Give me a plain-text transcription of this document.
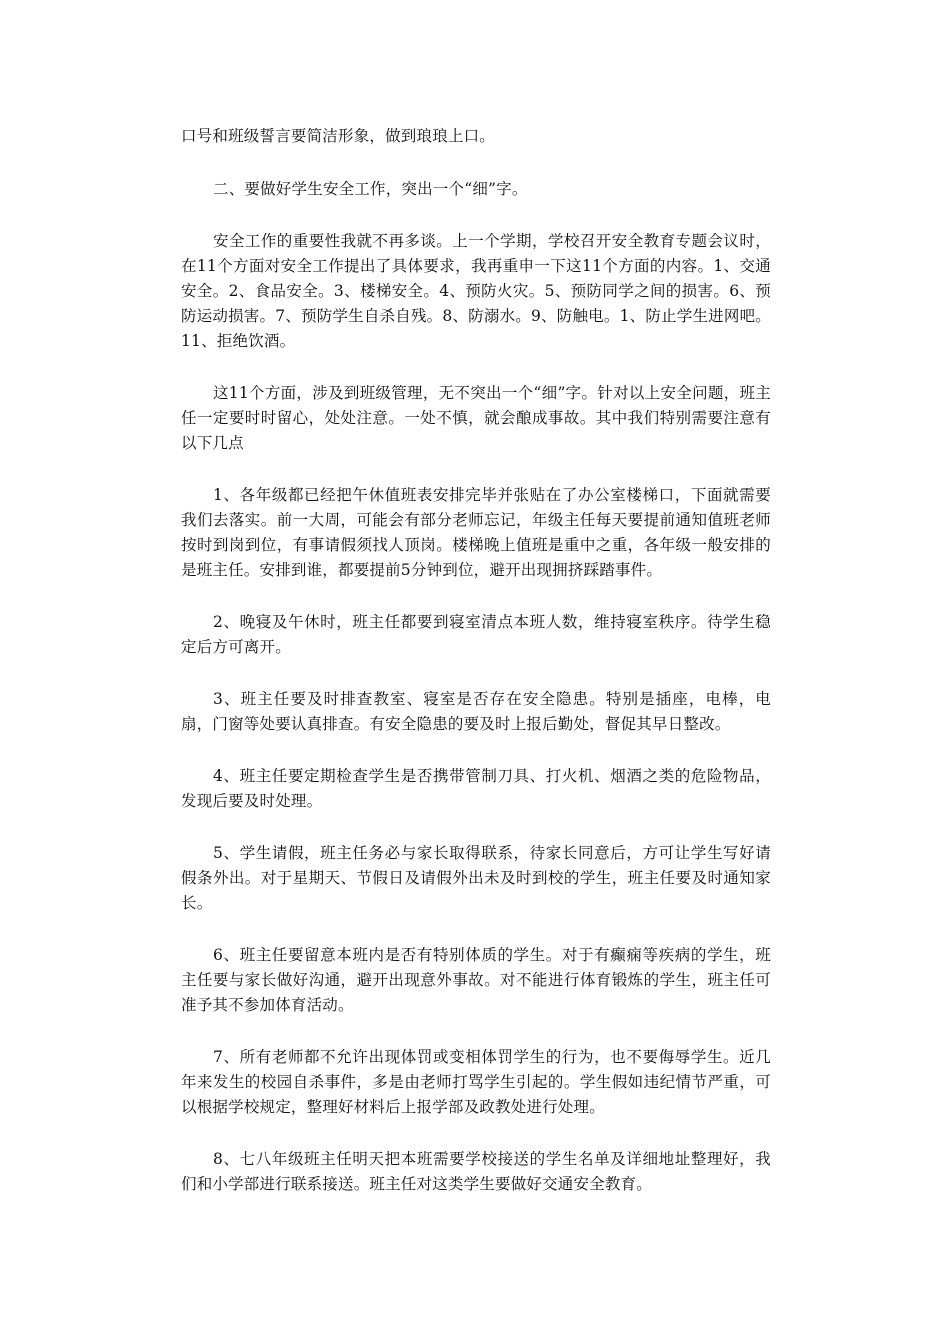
口号和班级誓言要简洁形象，做到琅琅上口。

二、要做好学生安全工作，突出一个“细”字。

安全工作的重要性我就不再多谈。上一个学期，学校召开安全教育专题会议时，在11个方面对安全工作提出了具体要求，我再重申一下这11个方面的内容。1、交通安全。2、食品安全。3、楼梯安全。4、预防火灾。5、预防同学之间的损害。6、预防运动损害。7、预防学生自杀自残。8、防溺水。9、防触电。1、防止学生进网吧。11、拒绝饮酒。

这11个方面，涉及到班级管理，无不突出一个“细”字。针对以上安全问题，班主任一定要时时留心，处处注意。一处不慎，就会酿成事故。其中我们特别需要注意有以下几点

1、各年级都已经把午休值班表安排完毕并张贴在了办公室楼梯口，下面就需要我们去落实。前一大周，可能会有部分老师忘记，年级主任每天要提前通知值班老师按时到岗到位，有事请假须找人顶岗。楼梯晚上值班是重中之重，各年级一般安排的是班主任。安排到谁，都要提前5分钟到位，避开出现拥挤踩踏事件。

2、晚寝及午休时，班主任都要到寝室清点本班人数，维持寝室秩序。待学生稳定后方可离开。

3、班主任要及时排查教室、寝室是否存在安全隐患。特别是插座，电棒，电扇，门窗等处要认真排查。有安全隐患的要及时上报后勤处，督促其早日整改。

4、班主任要定期检查学生是否携带管制刀具、打火机、烟酒之类的危险物品，发现后要及时处理。

5、学生请假，班主任务必与家长取得联系，待家长同意后，方可让学生写好请假条外出。对于星期天、节假日及请假外出未及时到校的学生，班主任要及时通知家长。

6、班主任要留意本班内是否有特别体质的学生。对于有癫痫等疾病的学生，班主任要与家长做好沟通，避开出现意外事故。对不能进行体育锻炼的学生，班主任可准予其不参加体育活动。

7、所有老师都不允许出现体罚或变相体罚学生的行为，也不要侮辱学生。近几年来发生的校园自杀事件，多是由老师打骂学生引起的。学生假如违纪情节严重，可以根据学校规定，整理好材料后上报学部及政教处进行处理。

8、七八年级班主任明天把本班需要学校接送的学生名单及详细地址整理好，我们和小学部进行联系接送。班主任对这类学生要做好交通安全教育。
